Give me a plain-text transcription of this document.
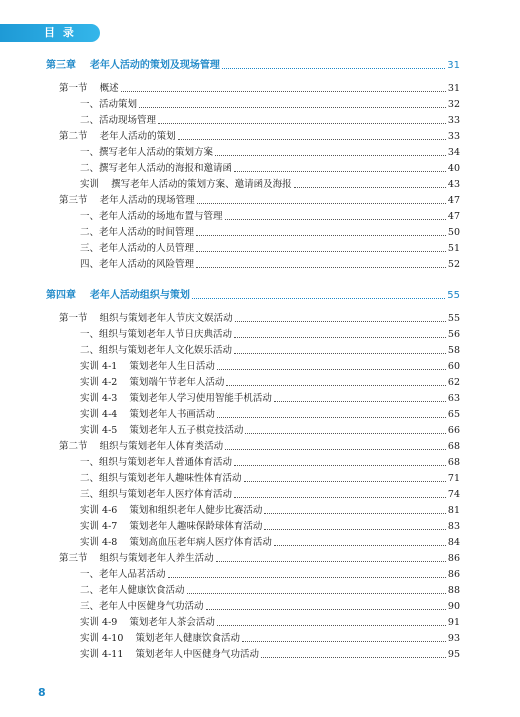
目 录
第三章    老年人活动的策划及现场管理	31
第一节    概述	31
一、活动策划	32
二、活动现场管理	33
第二节    老年人活动的策划	33
一、撰写老年人活动的策划方案	34
二、撰写老年人活动的海报和邀请函	40
实训    撰写老年人活动的策划方案、邀请函及海报	43
第三节    老年人活动的现场管理	47
一、老年人活动的场地布置与管理	47
二、老年人活动的时间管理	50
三、老年人活动的人员管理	51
四、老年人活动的风险管理	52
第四章    老年人活动组织与策划	55
第一节    组织与策划老年人节庆文娱活动	55
一、组织与策划老年人节日庆典活动	56
二、组织与策划老年人文化娱乐活动	58
实训 4-1    策划老年人生日活动	60
实训 4-2    策划端午节老年人活动	62
实训 4-3    策划老年人学习使用智能手机活动	63
实训 4-4    策划老年人书画活动	65
实训 4-5    策划老年人五子棋竞技活动	66
第二节    组织与策划老年人体育类活动	68
一、组织与策划老年人普通体育活动	68
二、组织与策划老年人趣味性体育活动	71
三、组织与策划老年人医疗体育活动	74
实训 4-6    策划和组织老年人健步比赛活动	81
实训 4-7    策划老年人趣味保龄球体育活动	83
实训 4-8    策划高血压老年病人医疗体育活动	84
第三节    组织与策划老年人养生活动	86
一、老年人品茗活动	86
二、老年人健康饮食活动	88
三、老年人中医健身气功活动	90
实训 4-9    策划老年人茶会活动	91
实训 4-10    策划老年人健康饮食活动	93
实训 4-11    策划老年人中医健身气功活动	95
8
